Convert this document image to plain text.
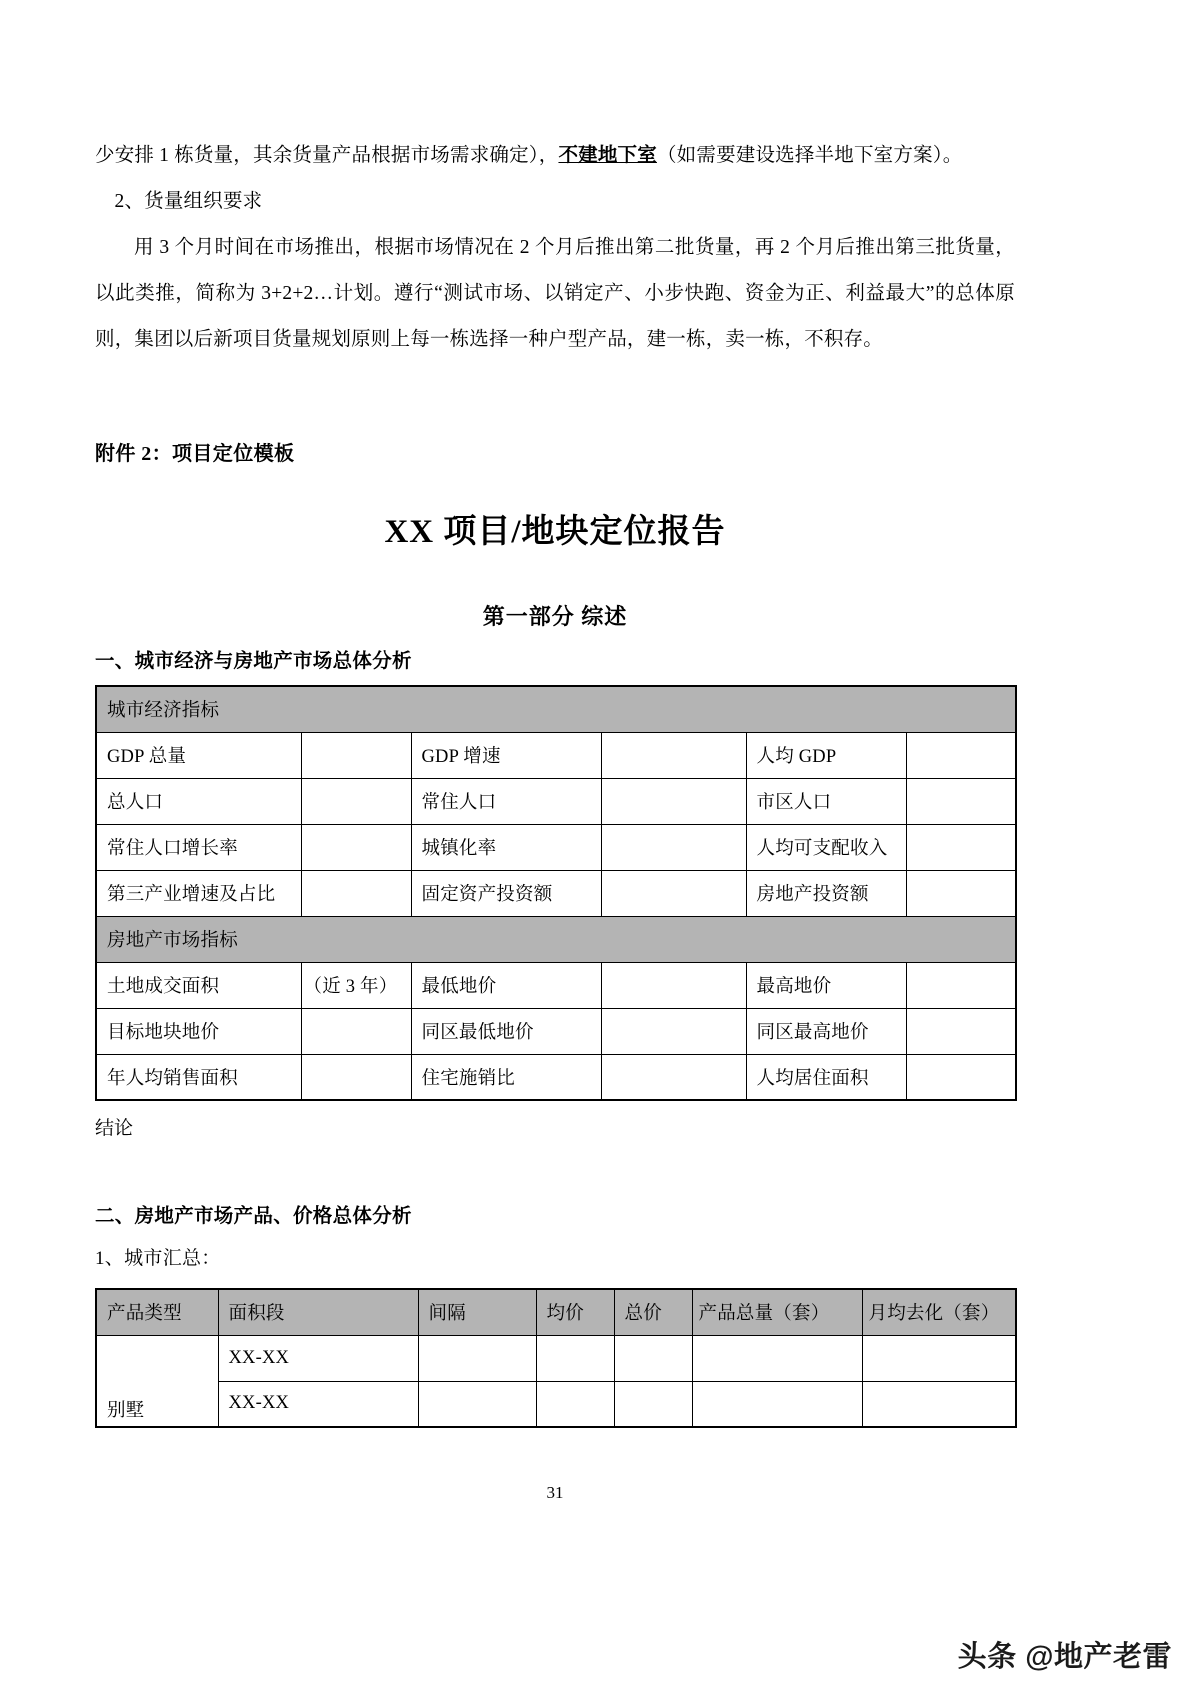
少安排 1 栋货量，其余货量产品根据市场需求确定），不建地下室（如需要建设选择半地下室方案）。

2、货量组织要求

用 3 个月时间在市场推出，根据市场情况在 2 个月后推出第二批货量，再 2 个月后推出第三批货量，以此类推，简称为 3+2+2…计划。遵行“测试市场、以销定产、小步快跑、资金为正、利益最大”的总体原则，集团以后新项目货量规划原则上每一栋选择一种户型产品，建一栋，卖一栋，不积存。

附件 2：项目定位模板

XX 项目/地块定位报告

第一部分 综述

一、城市经济与房地产市场总体分析

城市经济指标					
GDP 总量		GDP 增速		人均 GDP	
总人口		常住人口		市区人口	
常住人口增长率		城镇化率		人均可支配收入	
第三产业增速及占比		固定资产投资额		房地产投资额	
房地产市场指标					
土地成交面积	（近 3 年）	最低地价		最高地价	
目标地块地价		同区最低地价		同区最高地价	
年人均销售面积		住宅施销比		人均居住面积	

结论

二、房地产市场产品、价格总体分析

1、城市汇总：

产品类型	面积段	间隔	均价	总价	产品总量（套）	月均去化（套）
别墅	XX-XX					
	XX-XX					
31
头条 @地产老雷
